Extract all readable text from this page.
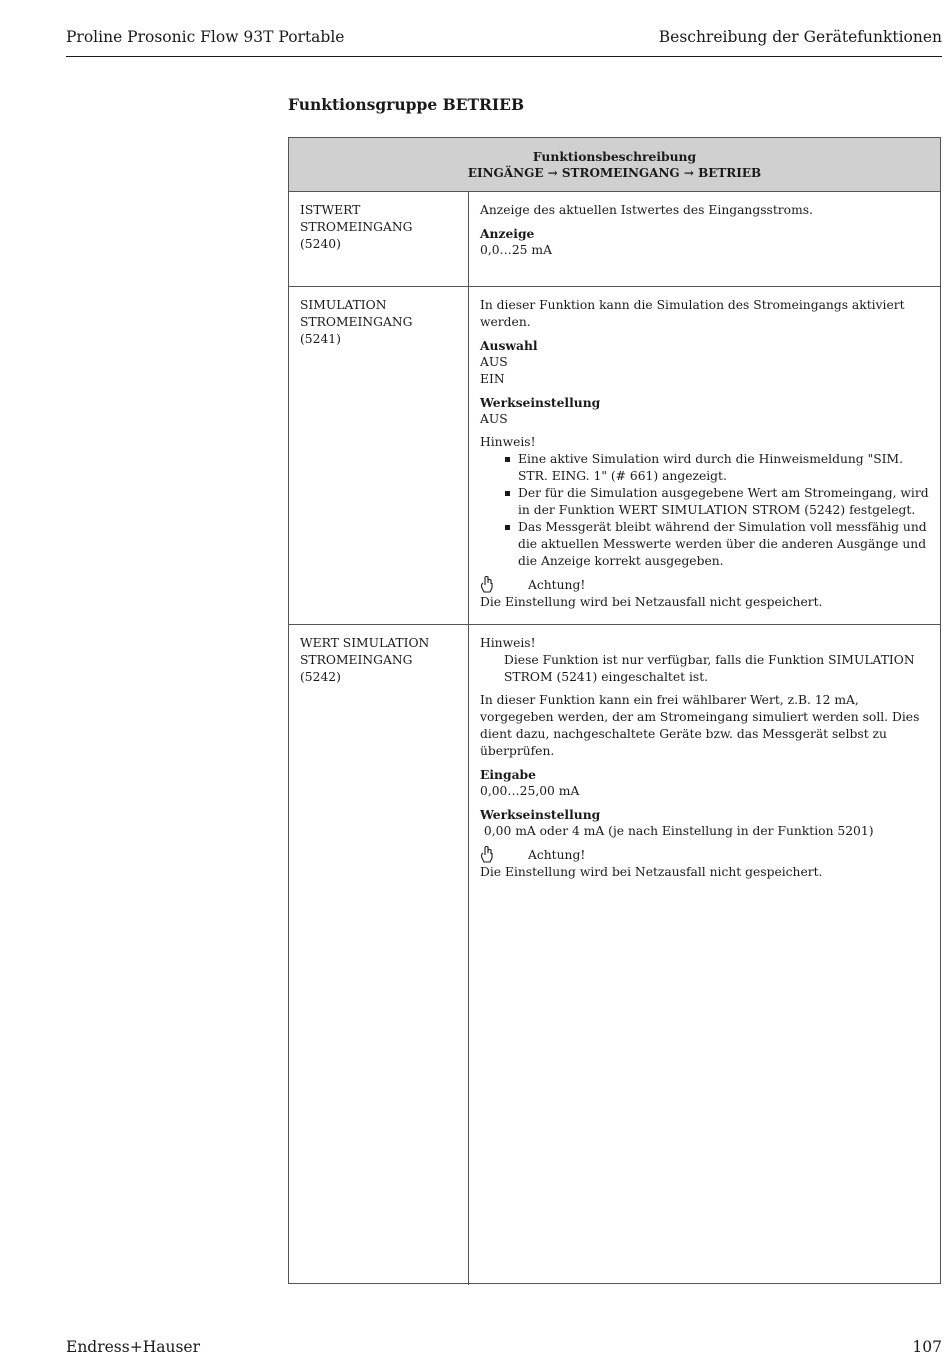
Proline Prosonic Flow 93T Portable	Beschreibung der Gerätefunktionen
Funktionsgruppe BETRIEB
Funktionsbeschreibung
EINGÄNGE → STROMEINGANG → BETRIEB
ISTWERT STROMEINGANG
(5240)
Anzeige des aktuellen Istwertes des Eingangsstroms.
Anzeige
0,0…25 mA
SIMULATION
STROMEINGANG
(5241)
In dieser Funktion kann die Simulation des Stromeingangs aktiviert werden.
Auswahl
AUS
EIN
Werkseinstellung
AUS
Hinweis!
Eine aktive Simulation wird durch die Hinweismeldung "SIM. STR. EING. 1" (# 661) angezeigt.
Der für die Simulation ausgegebene Wert am Stromeingang, wird in der Funktion WERT SIMULATION STROM (5242) festgelegt.
Das Messgerät bleibt während der Simulation voll messfähig und die aktuellen Messwerte werden über die anderen Ausgänge und die Anzeige korrekt ausgegeben.
Achtung!
Die Einstellung wird bei Netzausfall nicht gespeichert.
WERT SIMULATION
STROMEINGANG
(5242)
Hinweis!
Diese Funktion ist nur verfügbar, falls die Funktion SIMULATION STROM (5241) eingeschaltet ist.
In dieser Funktion kann ein frei wählbarer Wert, z.B. 12 mA, vorgegeben werden, der am Stromeingang simuliert werden soll. Dies dient dazu, nachgeschaltete Geräte bzw. das Messgerät selbst zu überprüfen.
Eingabe
0,00…25,00 mA
Werkseinstellung
0,00 mA oder 4 mA (je nach Einstellung in der Funktion 5201)
Achtung!
Die Einstellung wird bei Netzausfall nicht gespeichert.
Endress+Hauser	107
